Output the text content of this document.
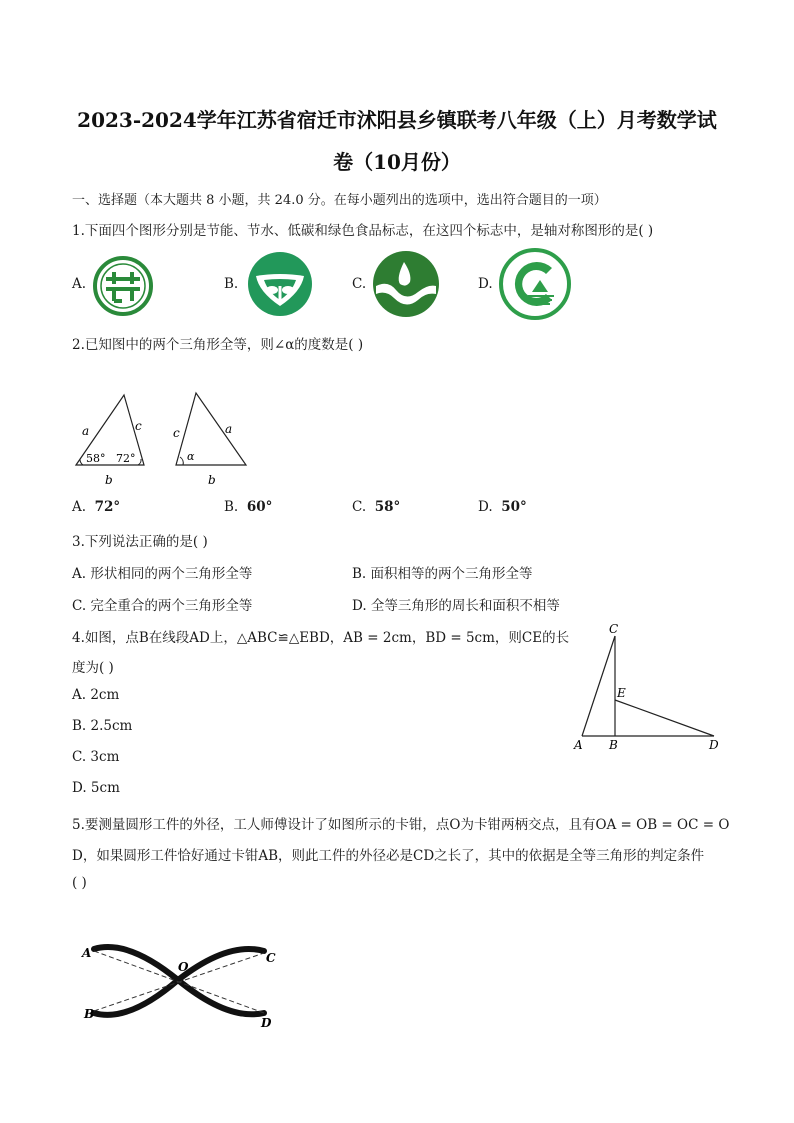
2023-2024学年江苏省宿迁市沭阳县乡镇联考八年级（上）月考数学试
卷（10月份）
一、选择题（本大题共 8 小题，共 24.0 分。在每小题列出的选项中，选出符合题目的一项）
1.下面四个图形分别是节能、节水、低碳和绿色食品标志，在这四个标志中，是轴对称图形的是( )
A.	B.	C.	D.
2.已知图中的两个三角形全等，则∠α的度数是( )
a	c
b
58° 72°
c	a
b
α
A. 72°	B. 60°	C. 58°	D. 50°
3.下列说法正确的是( )
A. 形状相同的两个三角形全等	B. 面积相等的两个三角形全等
C. 完全重合的两个三角形全等	D. 全等三角形的周长和面积不相等
4.如图，点B在线段AD上，△ABC≌△EBD，AB = 2cm，BD = 5cm，则CE的长
度为( )
A. 2cm
B. 2.5cm
C. 3cm
D. 5cm
C
E
A B	D
5.要测量圆形工件的外径，工人师傅设计了如图所示的卡钳，点O为卡钳两柄交点，且有OA = OB = OC = O
D，如果圆形工件恰好通过卡钳AB，则此工件的外径必是CD之长了，其中的依据是全等三角形的判定条件
( )
A
B
C
D
O
